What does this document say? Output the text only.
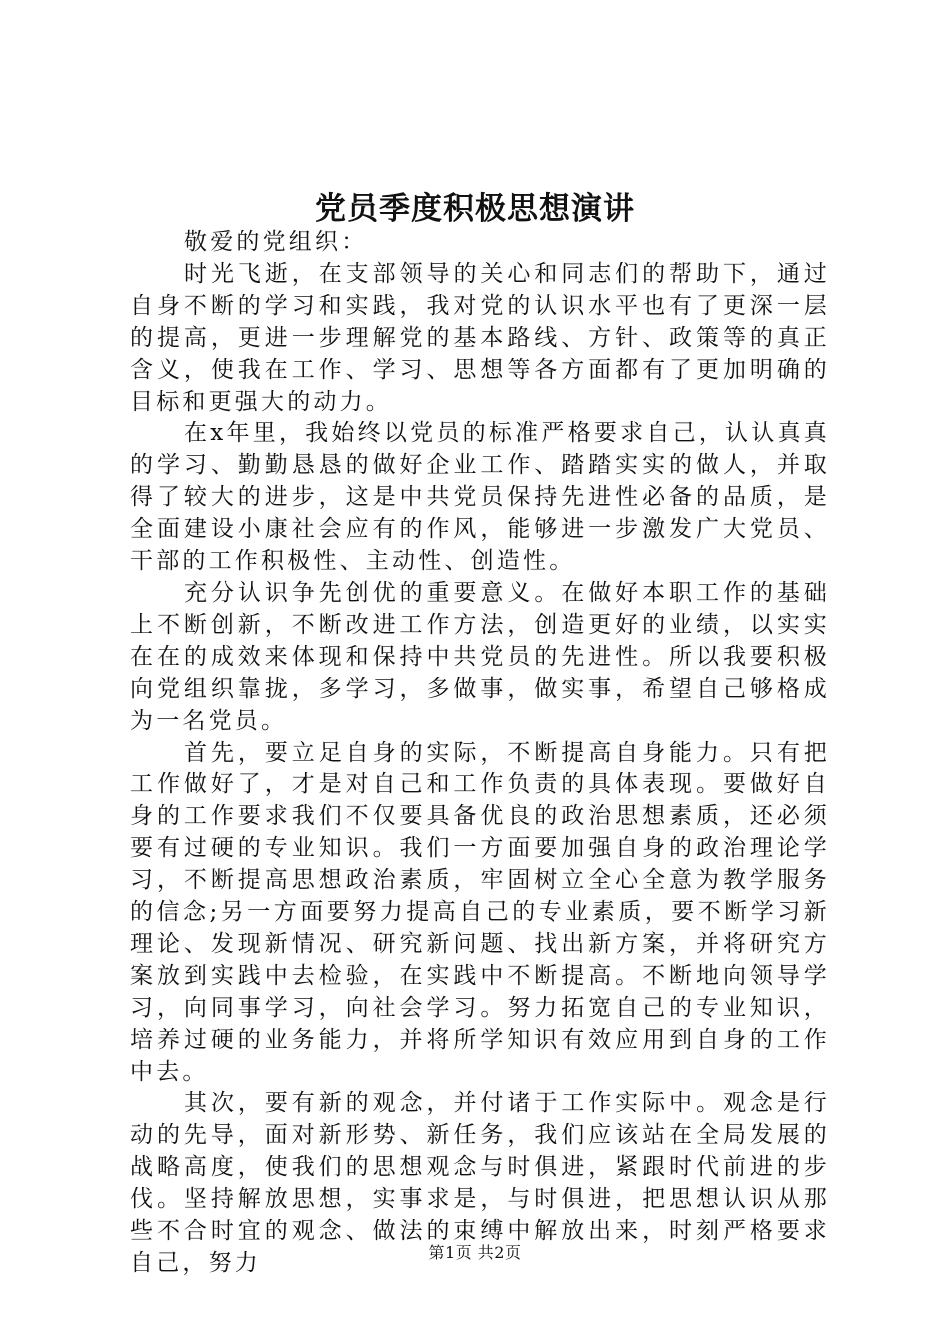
党员季度积极思想演讲

敬爱的党组织：

时光飞逝，在支部领导的关心和同志们的帮助下，通过自身不断的学习和实践，我对党的认识水平也有了更深一层的提高，更进一步理解党的基本路线、方针、政策等的真正含义，使我在工作、学习、思想等各方面都有了更加明确的目标和更强大的动力。

在x年里，我始终以党员的标准严格要求自己，认认真真的学习、勤勤恳恳的做好企业工作、踏踏实实的做人，并取得了较大的进步，这是中共党员保持先进性必备的品质，是全面建设小康社会应有的作风，能够进一步激发广大党员、干部的工作积极性、主动性、创造性。

充分认识争先创优的重要意义。在做好本职工作的基础上不断创新，不断改进工作方法，创造更好的业绩，以实实在在的成效来体现和保持中共党员的先进性。所以我要积极向党组织靠拢，多学习，多做事，做实事，希望自己够格成为一名党员。

首先，要立足自身的实际，不断提高自身能力。只有把工作做好了，才是对自己和工作负责的具体表现。要做好自身的工作要求我们不仅要具备优良的政治思想素质，还必须要有过硬的专业知识。我们一方面要加强自身的政治理论学习，不断提高思想政治素质，牢固树立全心全意为教学服务的信念;另一方面要努力提高自己的专业素质，要不断学习新理论、发现新情况、研究新问题、找出新方案，并将研究方案放到实践中去检验，在实践中不断提高。不断地向领导学习，向同事学习，向社会学习。努力拓宽自己的专业知识，培养过硬的业务能力，并将所学知识有效应用到自身的工作中去。

其次，要有新的观念，并付诸于工作实际中。观念是行动的先导，面对新形势、新任务，我们应该站在全局发展的战略高度，使我们的思想观念与时俱进，紧跟时代前进的步伐。坚持解放思想，实事求是，与时俱进，把思想认识从那些不合时宜的观念、做法的束缚中解放出来，时刻严格要求自己，努力	第1页 共2页
